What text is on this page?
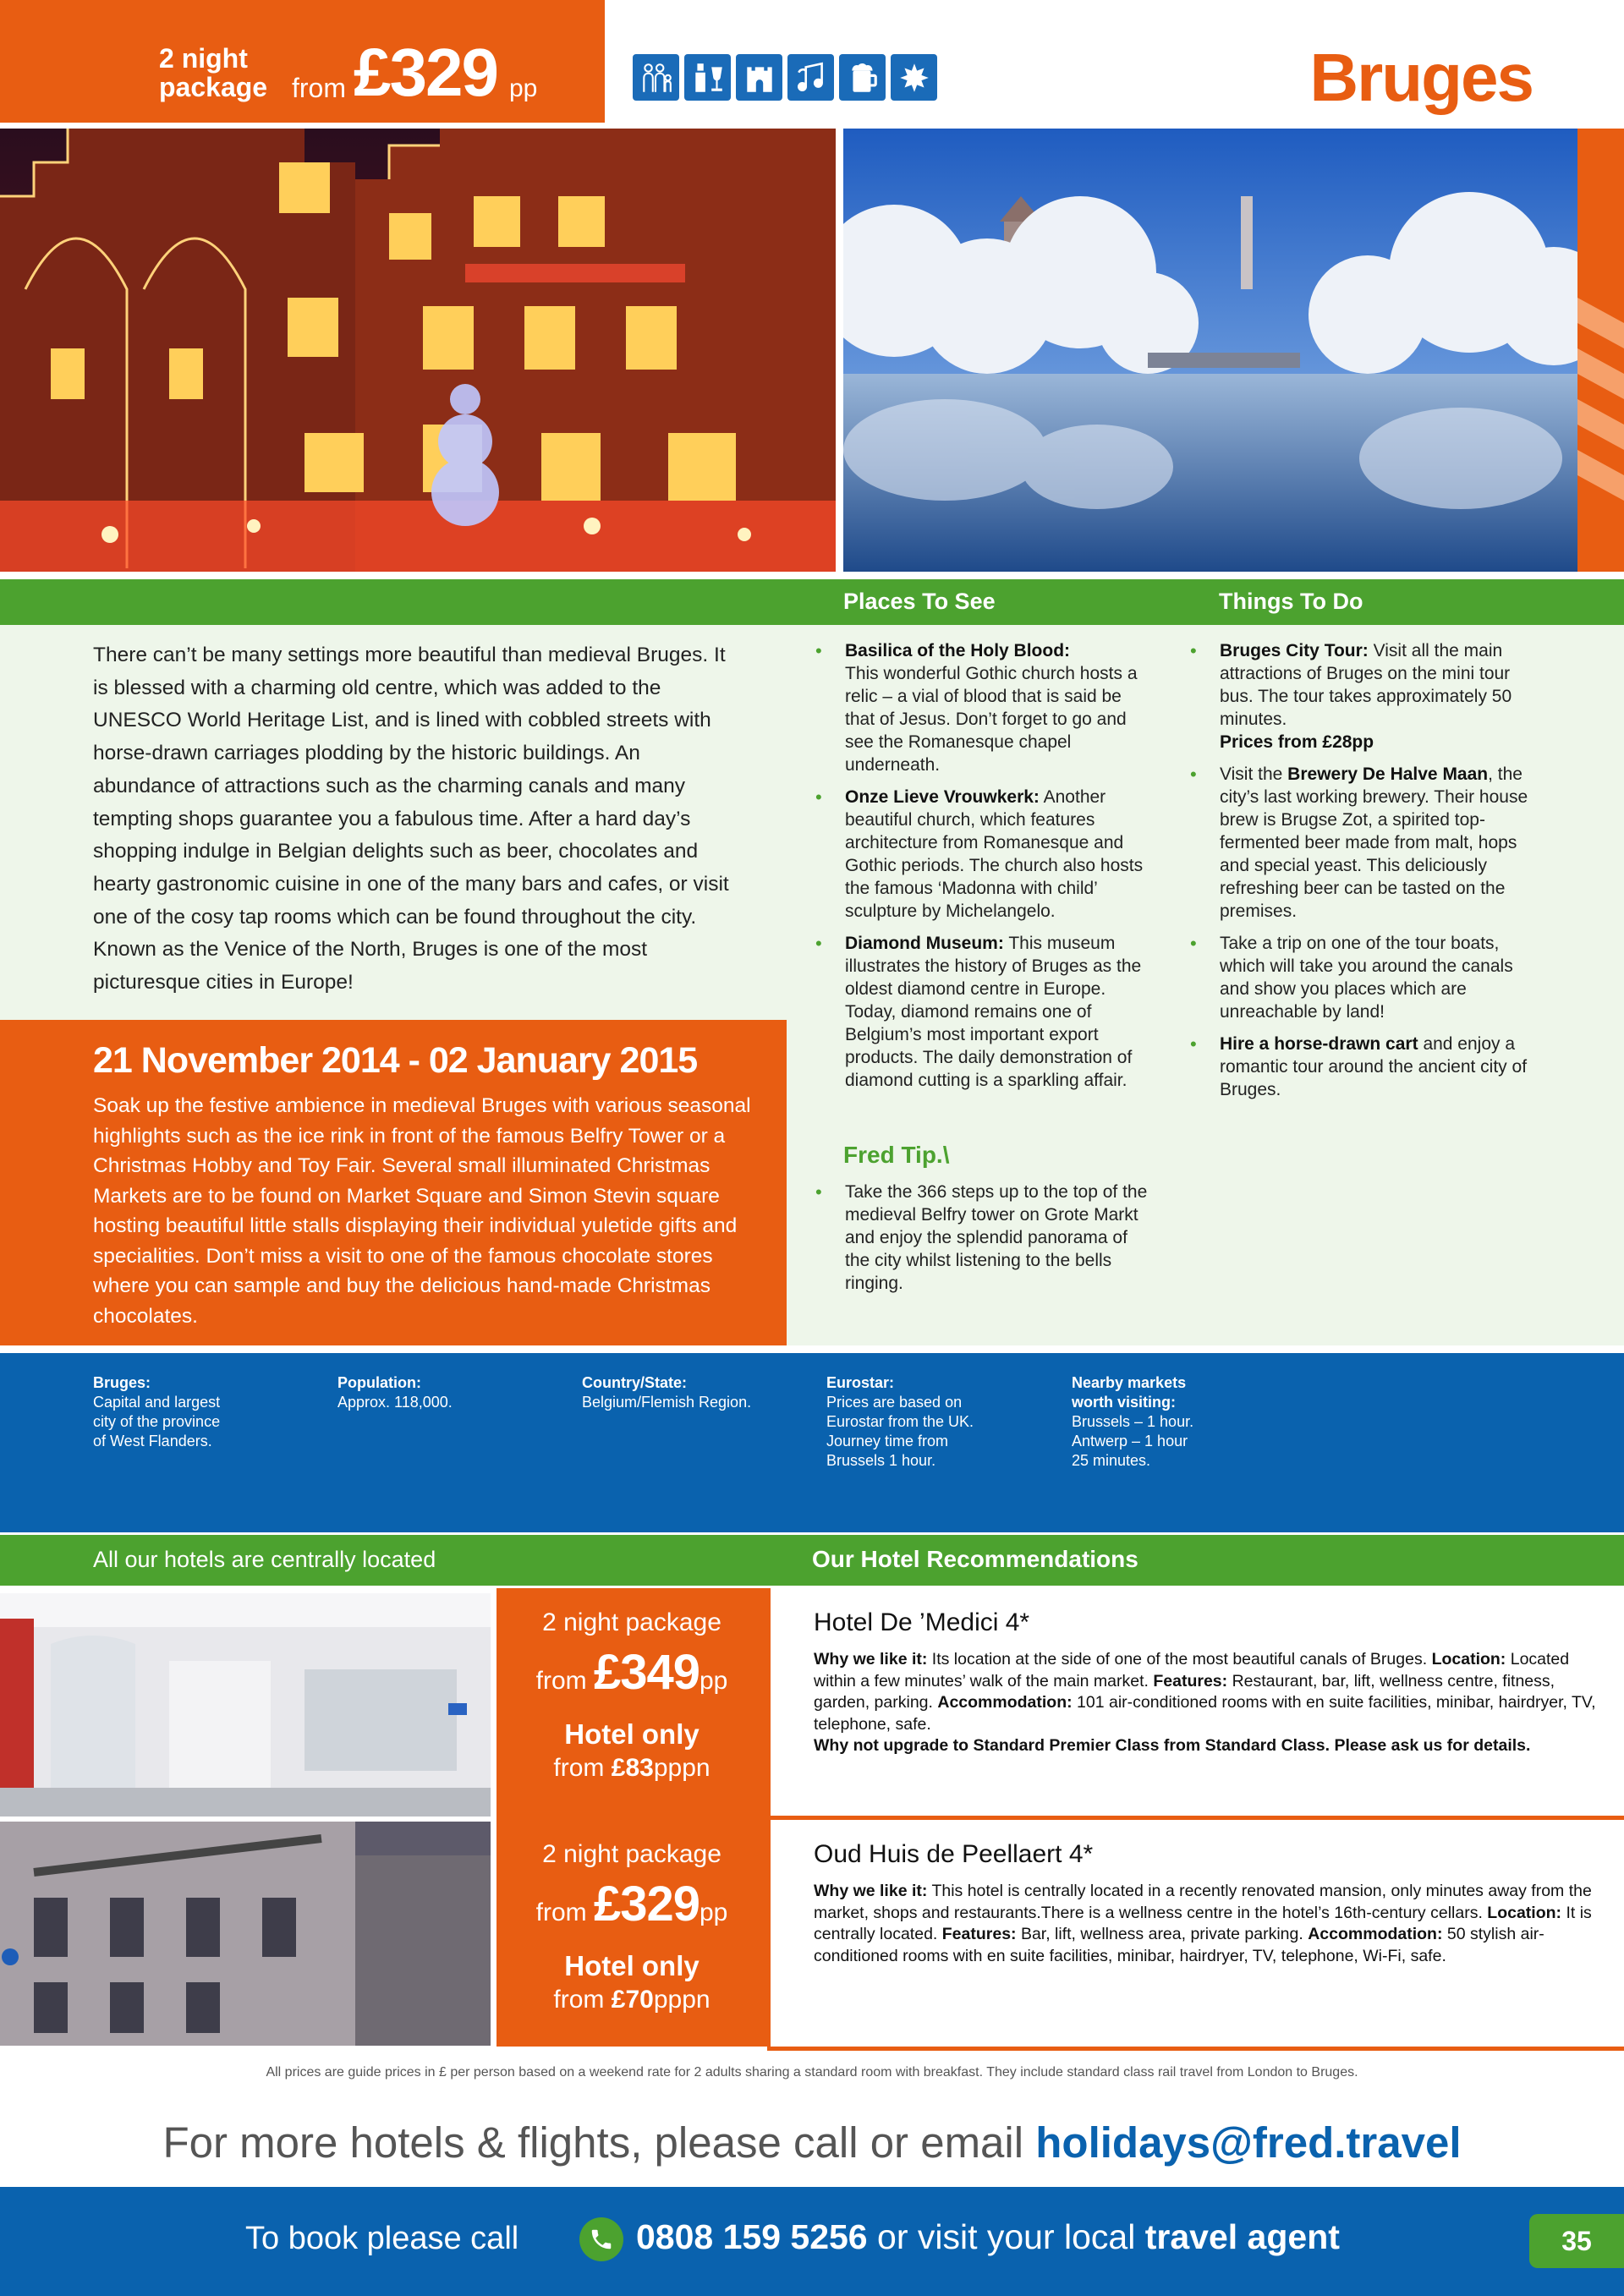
2 night
package from £329 pp	Bruges
Places To See	Things To Do

There can’t be many settings more beautiful than medieval Bruges. It is blessed with a charming old centre, which was added to the UNESCO World Heritage List, and is lined with cobbled streets with horse-drawn carriages plodding by the historic buildings. An abundance of attractions such as the charming canals and many tempting shops guarantee you a fabulous time. After a hard day’s shopping indulge in Belgian delights such as beer, chocolates and hearty gastronomic cuisine in one of the many bars and cafes, or visit one of the cosy tap rooms which can be found throughout the city. Known as the Venice of the North, Bruges is one of the most picturesque cities in Europe!

21 November 2014 - 02 January 2015

Soak up the festive ambience in medieval Bruges with various seasonal highlights such as the ice rink in front of the famous Belfry Tower or a Christmas Hobby and Toy Fair. Several small illuminated Christmas Markets are to be found on Market Square and Simon Stevin square hosting beautiful little stalls displaying their individual yuletide gifts and specialities. Don’t miss a visit to one of the famous chocolate stores where you can sample and buy the delicious hand-made Christmas chocolates.

• Basilica of the Holy Blood:
This wonderful Gothic church hosts a relic – a vial of blood that is said be that of Jesus. Don’t forget to go and see the Romanesque chapel underneath.
• Onze Lieve Vrouwkerk: Another beautiful church, which features architecture from Romanesque and Gothic periods. The church also hosts the famous ‘Madonna with child’ sculpture by Michelangelo.
• Diamond Museum: This museum illustrates the history of Bruges as the oldest diamond centre in Europe. Today, diamond remains one of Belgium’s most important export products. The daily demonstration of diamond cutting is a sparkling affair.
Fred Tip.\
• Take the 366 steps up to the top of the medieval Belfry tower on Grote Markt and enjoy the splendid panorama of the city whilst listening to the bells ringing.
• Bruges City Tour: Visit all the main attractions of Bruges on the mini tour bus. The tour takes approximately 50 minutes.
Prices from £28pp
• Visit the Brewery De Halve Maan, the city’s last working brewery. Their house brew is Brugse Zot, a spirited top-fermented beer made from malt, hops and special yeast. This deliciously refreshing beer can be tasted on the premises.
• Take a trip on one of the tour boats, which will take you around the canals and show you places which are unreachable by land!
• Hire a horse-drawn cart and enjoy a romantic tour around the ancient city of Bruges.
Bruges:
Capital and largest
city of the province
of West Flanders.
Population:
Approx. 118,000.
Country/State:
Belgium/Flemish Region.
Eurostar:
Prices are based on
Eurostar from the UK.
Journey time from
Brussels 1 hour.
Nearby markets
worth visiting:
Brussels – 1 hour.
Antwerp – 1 hour
25 minutes.
All our hotels are centrally located	Our Hotel Recommendations
2 night package
from £349pp
Hotel only
from £83pppn
2 night package
from £329pp
Hotel only
from £70pppn
Hotel De ’Medici 4*
Why we like it: Its location at the side of one of the most beautiful canals of Bruges. Location: Located within a few minutes’ walk of the main market. Features: Restaurant, bar, lift, wellness centre, fitness, garden, parking. Accommodation: 101 air-conditioned rooms with en suite facilities, minibar, hairdryer, TV, telephone, safe.
Why not upgrade to Standard Premier Class from Standard Class. Please ask us for details.
Oud Huis de Peellaert 4*
Why we like it: This hotel is centrally located in a recently renovated mansion, only minutes away from the market, shops and restaurants.There is a wellness centre in the hotel’s 16th-century cellars. Location: It is centrally located. Features: Bar, lift, wellness area, private parking. Accommodation: 50 stylish air-conditioned rooms with en suite facilities, minibar, hairdryer, TV, telephone, Wi-Fi, safe.
All prices are guide prices in £ per person based on a weekend rate for 2 adults sharing a standard room with breakfast. They include standard class rail travel from London to Bruges.
For more hotels & flights, please call or email holidays@fred.travel
To book please call	0808 159 5256 or visit your local travel agent	35
